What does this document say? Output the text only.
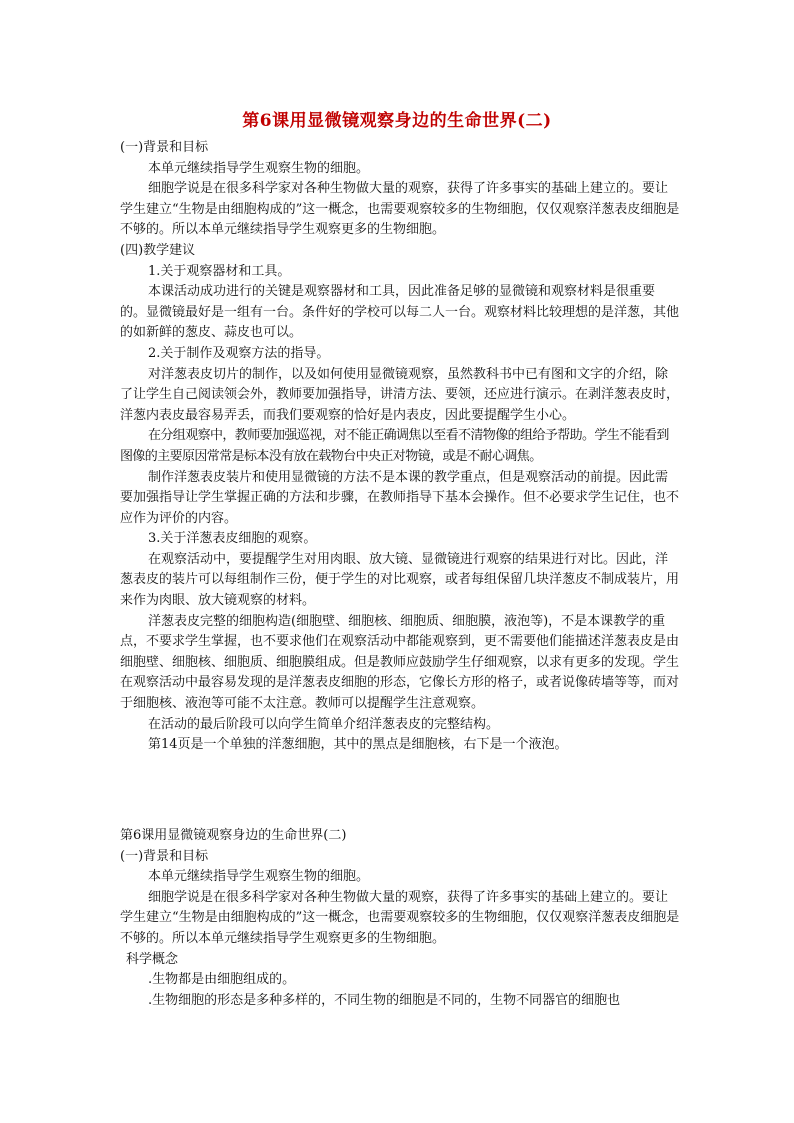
第6课用显微镜观察身边的生命世界(二)

(一)背景和目标

本单元继续指导学生观察生物的细胞。

细胞学说是在很多科学家对各种生物做大量的观察，获得了许多事实的基础上建立的。要让学生建立“生物是由细胞构成的”这一概念，也需要观察较多的生物细胞，仅仅观察洋葱表皮细胞是不够的。所以本单元继续指导学生观察更多的生物细胞。

(四)教学建议

1.关于观察器材和工具。

本课活动成功进行的关键是观察器材和工具，因此准备足够的显微镜和观察材料是很重要的。显微镜最好是一组有一台。条件好的学校可以每二人一台。观察材料比较理想的是洋葱，其他的如新鲜的葱皮、蒜皮也可以。

2.关于制作及观察方法的指导。

对洋葱表皮切片的制作，以及如何使用显微镜观察，虽然教科书中已有图和文字的介绍，除了让学生自己阅读领会外，教师要加强指导，讲清方法、要领，还应进行演示。在剥洋葱表皮时，洋葱内表皮最容易弄丢，而我们要观察的恰好是内表皮，因此要提醒学生小心。

在分组观察中，教师要加强巡视，对不能正确调焦以至看不清物像的组给予帮助。学生不能看到图像的主要原因常常是标本没有放在载物台中央正对物镜，或是不耐心调焦。

制作洋葱表皮装片和使用显微镜的方法不是本课的教学重点，但是观察活动的前提。因此需要加强指导让学生掌握正确的方法和步骤，在教师指导下基本会操作。但不必要求学生记住，也不应作为评价的内容。

3.关于洋葱表皮细胞的观察。

在观察活动中，要提醒学生对用肉眼、放大镜、显微镜进行观察的结果进行对比。因此，洋葱表皮的装片可以每组制作三份，便于学生的对比观察，或者每组保留几块洋葱皮不制成装片，用来作为肉眼、放大镜观察的材料。

洋葱表皮完整的细胞构造(细胞壁、细胞核、细胞质、细胞膜，液泡等)，不是本课教学的重点，不要求学生掌握，也不要求他们在观察活动中都能观察到，更不需要他们能描述洋葱表皮是由细胞壁、细胞核、细胞质、细胞膜组成。但是教师应鼓励学生仔细观察，以求有更多的发现。学生在观察活动中最容易发现的是洋葱表皮细胞的形态，它像长方形的格子，或者说像砖墙等等，而对于细胞核、液泡等可能不太注意。教师可以提醒学生注意观察。

在活动的最后阶段可以向学生简单介绍洋葱表皮的完整结构。

第14页是一个单独的洋葱细胞，其中的黑点是细胞核，右下是一个液泡。

第6课用显微镜观察身边的生命世界(二)

(一)背景和目标

本单元继续指导学生观察生物的细胞。

细胞学说是在很多科学家对各种生物做大量的观察，获得了许多事实的基础上建立的。要让学生建立“生物是由细胞构成的”这一概念，也需要观察较多的生物细胞，仅仅观察洋葱表皮细胞是不够的。所以本单元继续指导学生观察更多的生物细胞。

科学概念

.生物都是由细胞组成的。

.生物细胞的形态是多种多样的，不同生物的细胞是不同的，生物不同器官的细胞也
